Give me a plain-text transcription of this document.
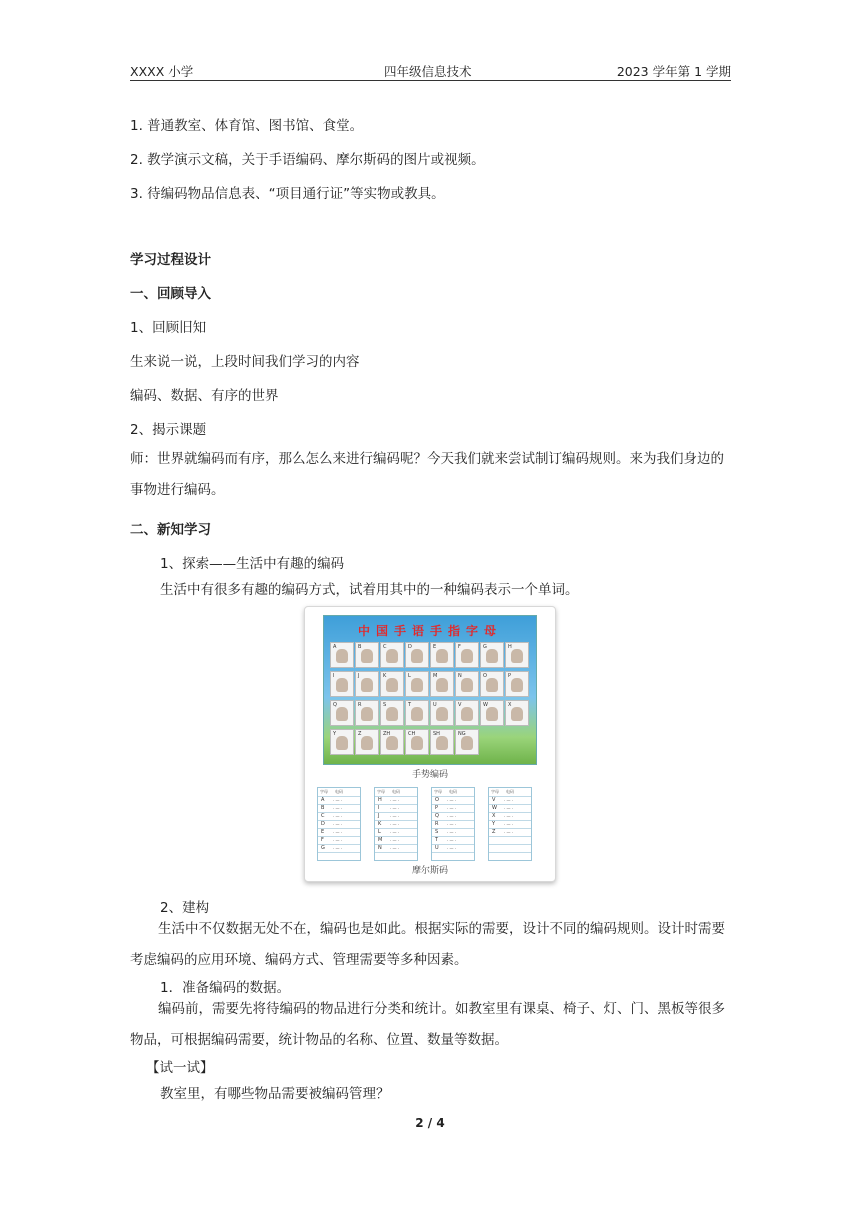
XXXX 小学	四年级信息技术	2023 学年第 1 学期
1. 普通教室、体育馆、图书馆、食堂。
2. 教学演示文稿，关于手语编码、摩尔斯码的图片或视频。
3. 待编码物品信息表、“项目通行证”等实物或教具。
学习过程设计
一、回顾导入
1、回顾旧知
生来说一说，上段时间我们学习的内容
编码、数据、有序的世界
2、揭示课题
师：世界就编码而有序，那么怎么来进行编码呢？今天我们就来尝试制订编码规则。来为我们身边的事物进行编码。
二、新知学习
1、探索——生活中有趣的编码
生活中有很多有趣的编码方式，试着用其中的一种编码表示一个单词。
中国手语手指字母
A	B	C	D	E	F	G	H
I	J	K	L	M	N	O	P
Q	R	S	T	U	V	W	X
Y	Z	ZH	CH	SH	NG
手势编码
字母 电码
A · — ·
B · — ·
C · — ·
D · — ·
E · — ·
F · — ·
G · — ·
字母 电码
H · — ·
I	· — ·
J	· — ·
K · — ·
L · — ·
M · — ·
N · — ·
字母 电码
O · — ·
P · — ·
Q · — ·
R · — ·
S · — ·
T · — ·
U · — ·
字母 电码
V · — ·
W · — ·
X · — ·
Y · — ·
Z · — ·
摩尔斯码
2、建构
生活中不仅数据无处不在，编码也是如此。根据实际的需要，设计不同的编码规则。设计时需要考虑编码的应用环境、编码方式、管理需要等多种因素。
1．准备编码的数据。
编码前，需要先将待编码的物品进行分类和统计。如教室里有课桌、椅子、灯、门、黑板等很多物品，可根据编码需要，统计物品的名称、位置、数量等数据。
【试一试】
教室里，有哪些物品需要被编码管理？
2 / 4
